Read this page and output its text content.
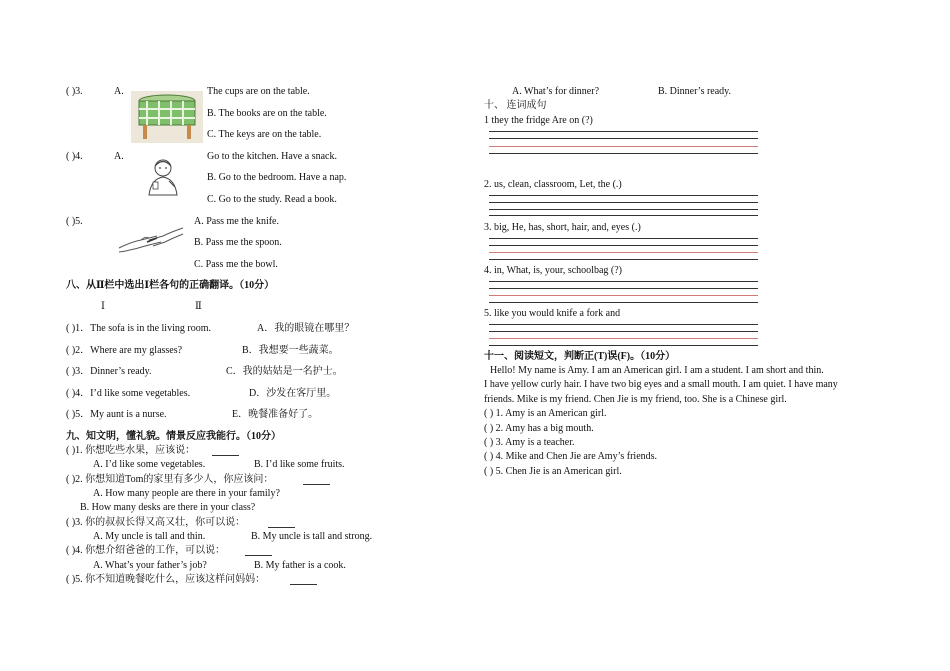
( )3.	A.	The cups are on the table.
B. The books are on the table.
C. The keys are on the table.
( )4.	A.	Go to the kitchen. Have a snack.
B. Go to the bedroom. Have a nap.
C. Go to the study. Read a book.
( )5.	A. Pass me the knife.
B. Pass me the spoon.
C. Pass me the bowl.
八、从Ⅱ栏中选出Ⅰ栏各句的正确翻译。（10分）
Ⅰ	Ⅱ
( )1．The sofa is in the living room.	A．我的眼镜在哪里？
( )2．Where are my glasses?	B．我想要一些蔬菜。
( )3．Dinner’s ready.	C．我的姑姑是一名护士。
( )4．I’d like some vegetables.	D．沙发在客厅里。
( )5．My aunt is a nurse.	E．晚餐准备好了。
九、知文明，懂礼貌。情景反应我能行。（10分）
( )1. 你想吃些水果，应该说：
A. I’d like some vegetables.	B. I’d like some fruits.
( )2. 你想知道Tom的家里有多少人，你应该问：
A. How many people are there in your family?
B. How many desks are there in your class?
( )3. 你的叔叔长得又高又壮，你可以说：
A. My uncle is tall and thin.	B. My uncle is tall and strong.
( )4. 你想介绍爸爸的工作，可以说：
A. What’s your father’s job?	B. My father is a cook.
( )5. 你不知道晚餐吃什么，应该这样问妈妈：
A. What’s for dinner?	B. Dinner’s ready.
十、 连词成句
1 they the fridge Are on (?)
2. us, clean, classroom, Let, the (.)
3. big, He, has, short, hair, and, eyes (.)
4. in, What, is, your, schoolbag (?)
5. like you would knife a fork and
十一、阅读短文，判断正(T)误(F)。（10分）
Hello! My name is Amy. I am an American girl. I am a student. I am short and thin.
I have yellow curly hair. I have two big eyes and a small mouth. I am quiet. I have many
friends. Mike is my friend. Chen Jie is my friend, too. She is a Chinese girl.
( ) 1. Amy is an American girl.
( ) 2. Amy has a big mouth.
( ) 3. Amy is a teacher.
( ) 4. Mike and Chen Jie are Amy’s friends.
( ) 5. Chen Jie is an American girl.
